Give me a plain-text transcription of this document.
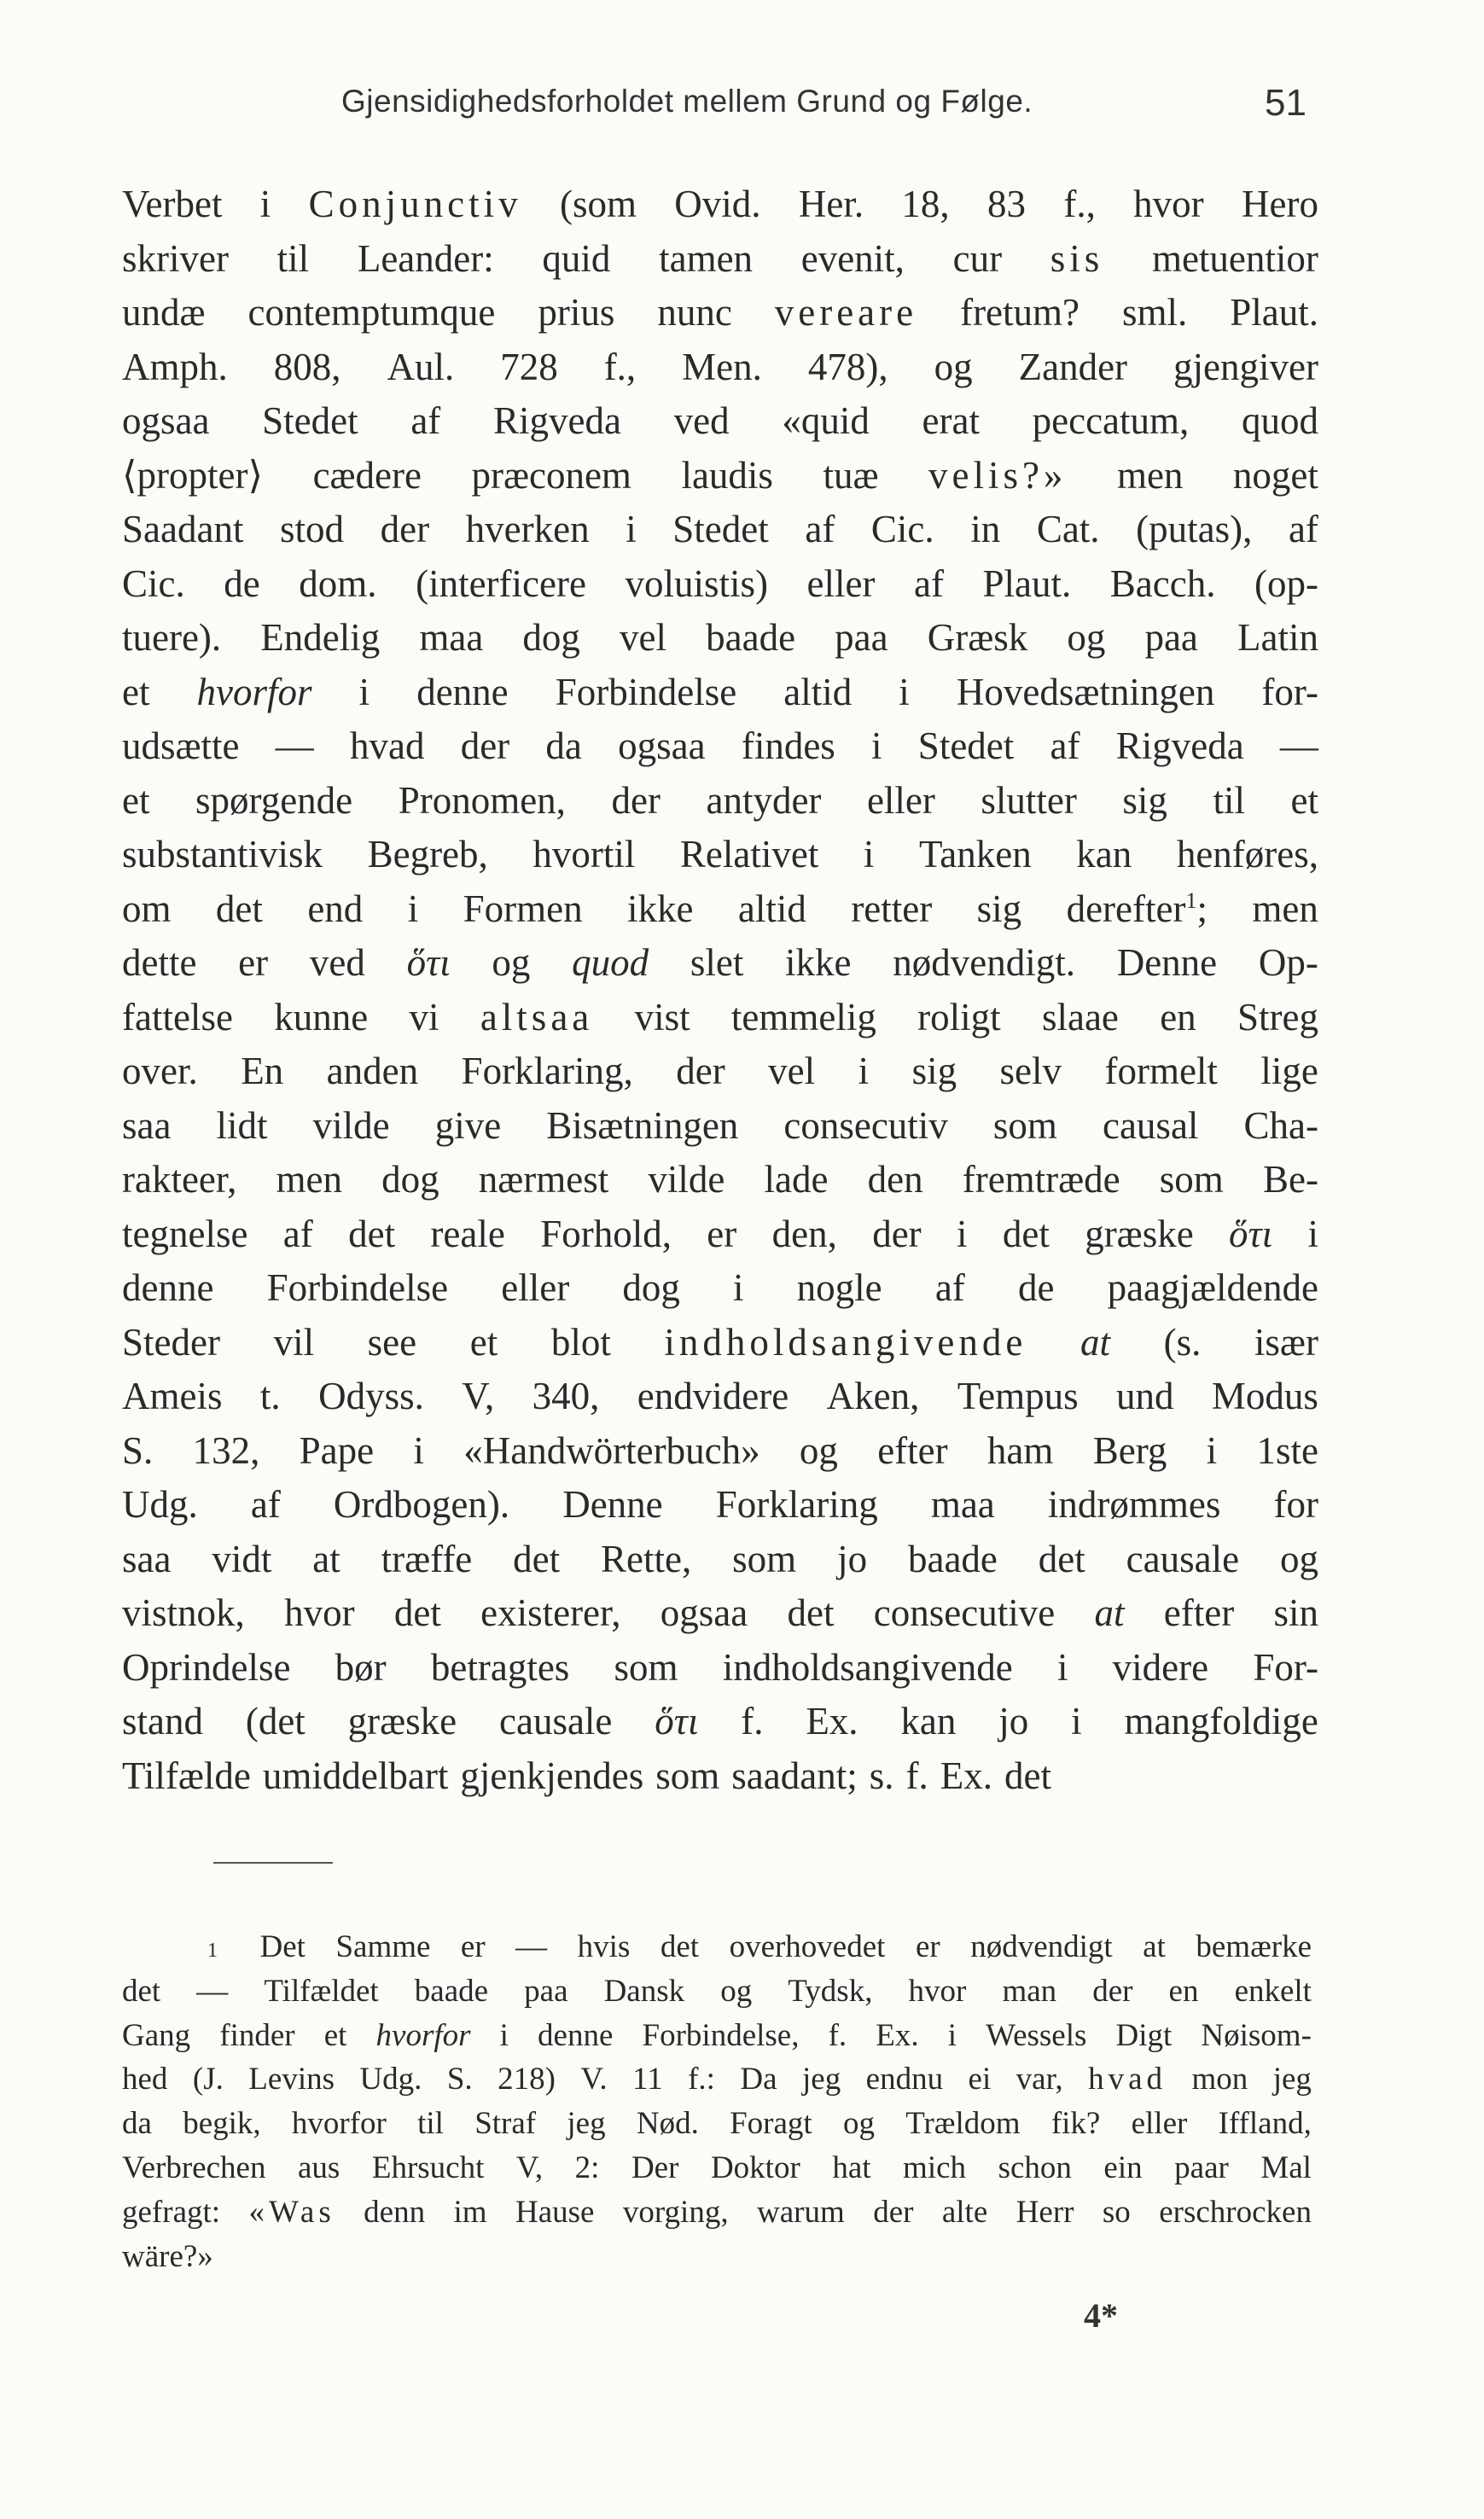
Gjensidighedsforholdet mellem Grund og Følge.	51
Verbet i Conjunctiv (som Ovid. Her. 18, 83 f., hvor Hero
skriver til Leander: quid tamen evenit, cur sis metuentior
undæ contemptumque prius nunc vereare fretum? sml. Plaut.
Amph. 808, Aul. 728 f., Men. 478), og Zander gjengiver
ogsaa Stedet af Rigveda ved «quid erat peccatum, quod
⟨propter⟩ cædere præconem laudis tuæ velis?» men noget
Saadant stod der hverken i Stedet af Cic. in Cat. (putas), af
Cic. de dom. (interficere voluistis) eller af Plaut. Bacch. (op-
tuere). Endelig maa dog vel baade paa Græsk og paa Latin
et hvorfor i denne Forbindelse altid i Hovedsætningen for-
udsætte — hvad der da ogsaa findes i Stedet af Rigveda —
et spørgende Pronomen, der antyder eller slutter sig til et
substantivisk Begreb, hvortil Relativet i Tanken kan henføres,
om det end i Formen ikke altid retter sig derefter$^1$; men
dette er ved ὅτι og quod slet ikke nødvendigt. Denne Op-
fattelse kunne vi altsaa vist temmelig roligt slaae en Streg
over. En anden Forklaring, der vel i sig selv formelt lige
saa lidt vilde give Bisætningen consecutiv som causal Cha-
rakteer, men dog nærmest vilde lade den fremtræde som Be-
tegnelse af det reale Forhold, er den, der i det græske ὅτι i
denne Forbindelse eller dog i nogle af de paagjældende
Steder vil see et blot indholdsangivende at (s. især
Ameis t. Odyss. V, 340, endvidere Aken, Tempus und Modus
S. 132, Pape i «Handwörterbuch» og efter ham Berg i 1ste
Udg. af Ordbogen). Denne Forklaring maa indrømmes for
saa vidt at træffe det Rette, som jo baade det causale og
vistnok, hvor det existerer, ogsaa det consecutive at efter sin
Oprindelse bør betragtes som indholdsangivende i videre For-
stand (det græske causale ὅτι f. Ex. kan jo i mangfoldige
Tilfælde umiddelbart gjenkjendes som saadant; s. f. Ex. det
1 Det Samme er — hvis det overhovedet er nødvendigt at bemærke
det — Tilfældet baade paa Dansk og Tydsk, hvor man der en enkelt
Gang finder et hvorfor i denne Forbindelse, f. Ex. i Wessels Digt Nøisom-
hed (J. Levins Udg. S. 218) V. 11 f.: Da jeg endnu ei var, hvad mon jeg
da begik, hvorfor til Straf jeg Nød. Foragt og Trældom fik? eller Iffland,
Verbrechen aus Ehrsucht V, 2: Der Doktor hat mich schon ein paar Mal
gefragt: «Was denn im Hause vorging, warum der alte Herr so erschrocken
wäre?»
4*
